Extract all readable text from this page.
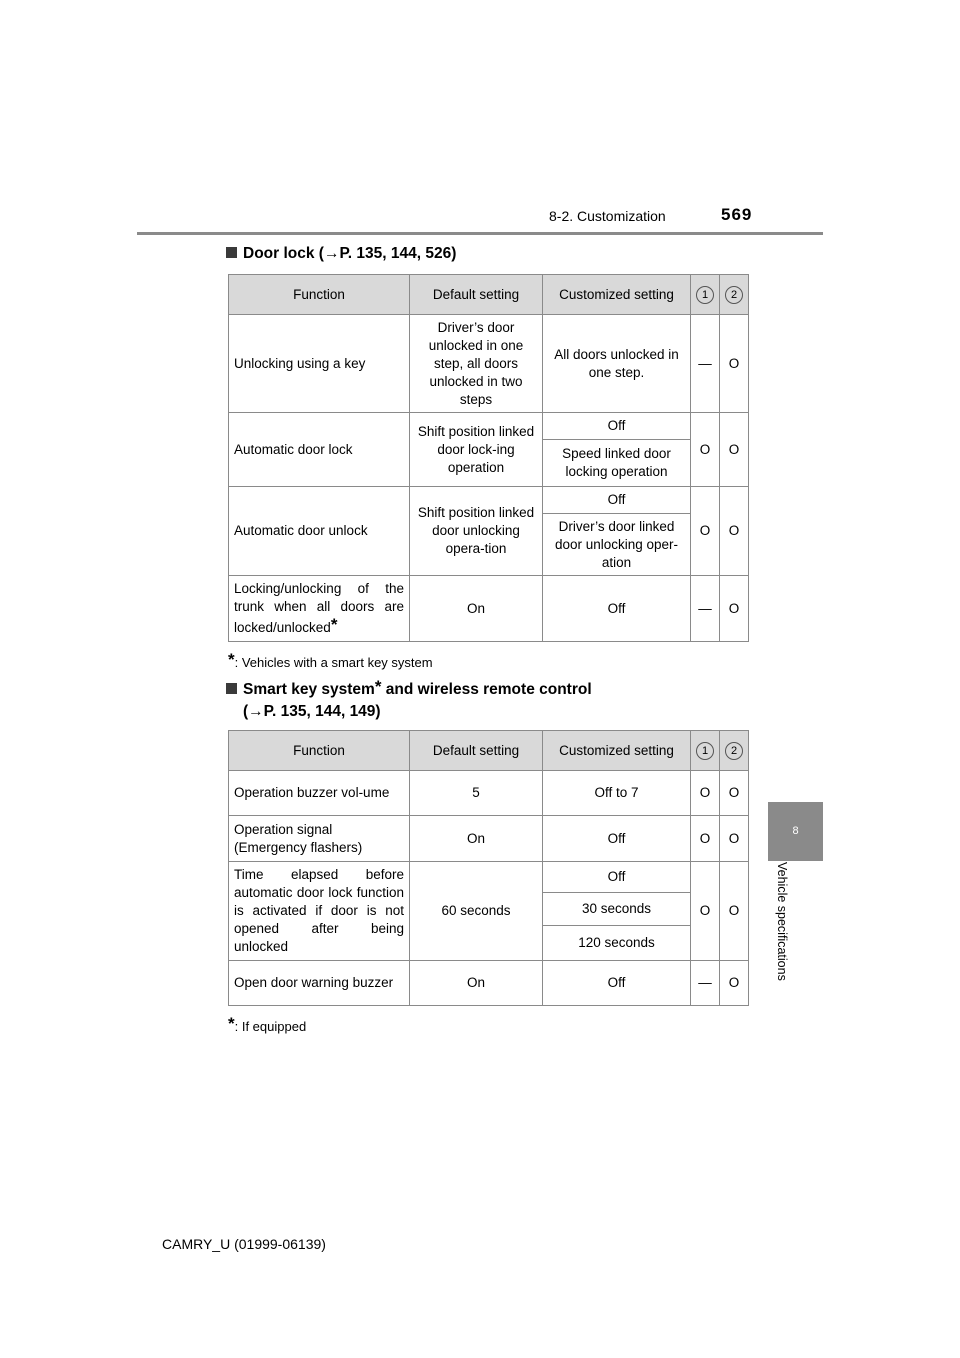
8-2. Customization	569
8
Vehicle specifications
Door lock (→P. 135, 144, 526)
Function	Default setting	Customized setting	1	2
Unlocking using a key	Driver’s door unlocked in one step, all doors unlocked in two steps	All doors unlocked in one step.	—	O
Automatic door lock	Shift position linked door lock-ing operation	Off	O	O
		Speed linked door locking operation		
Automatic door unlock	Shift position linked door unlocking opera-tion	Off	O	O
		Driver’s door linked door unlocking oper-ation		
Locking/unlocking of the trunk when all doors are locked/unlocked*	On	Off	—	O
*: Vehicles with a smart key system
Smart key system* and wireless remote control
(→P. 135, 144, 149)
Function	Default setting	Customized setting	1	2
Operation buzzer vol-ume	5	Off to 7	O	O
Operation signal (Emergency flashers)	On	Off	O	O
Time elapsed before automatic door lock function is activated if door is not opened after being unlocked	60 seconds	Off	O	O
		30 seconds		
		120 seconds		
Open door warning buzzer	On	Off	—	O
*: If equipped
CAMRY_U (01999-06139)
